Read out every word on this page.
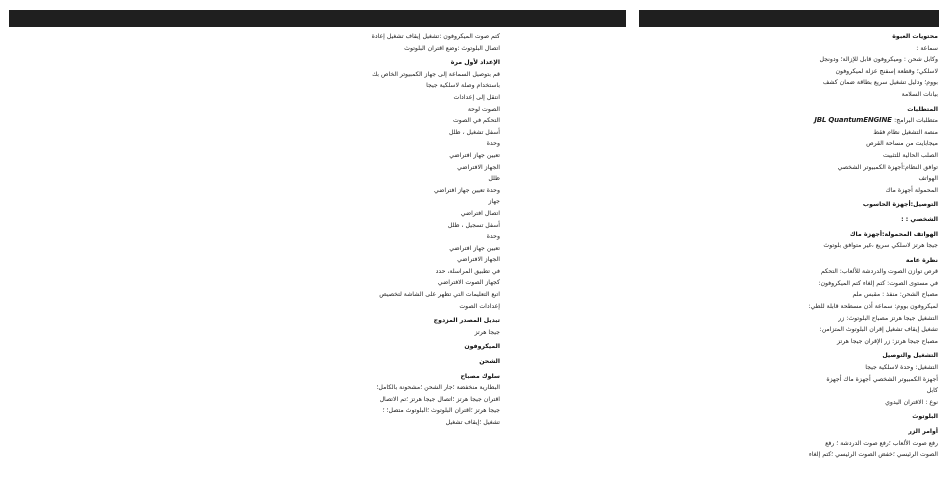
محتويات العبوة

سماعة :

وكابل شحن : وميكروفون قابل للإزالة؛ ودونجل

لاسلكي؛ وقطعة إسفنج عزلة لميكروفون

بووم؛ ودليل تشغيل سريع بطاقة ضمان كشف

بيانات السلامة

المتطلبات

متطلبات البرامج: JBL QuantumENGINE

منصة التشغيل نظام فقط

ميجابايت من مساحة القرص

الصلب الحالية للتثبيت

توافق النظام:أجهزة الكمبيوتر الشخصي

الهواتف

المحمولة أجهزة ماك

التوصيل:أجهزة الحاسوب

الشخصي : :

الهواتف المحمولة:أجهزة ماك

جيجا هرتز لاسلكي سريع ،غير متوافق بلوتوث

نظرة عامة

قرص توازن الصوت والدردشة للألعاب: التحكم

في مستوى الصوت: كتم إلغاء كتم الميكروفون:

مصباح الشحن: منفذ : مقبس ملم

لميكروفون بووم: سماعة أذن مسطحة قابلة للطي:

التشغيل جيجا هرتز مصباح البلوتوث: زر

تشغيل إيقاف تشغيل إقران البلوتوث المتزامن:

مصباح جيجا هرتز: زر الإقران جيجا هرتز

التشغيل والتوصيل

التشغيل: وحدة لاسلكية جيجا

أجهزة الكمبيوتر الشخصي أجهزة ماك أجهزة

كابل

نوع : الاقتران اليدوي

البلوتوث

أوامر الزر

رفع صوت الألعاب ؛رفع صوت الدردشة ؛ رفع

الصوت الرئيسي ؛خفض الصوت الرئيسي ؛كتم إلغاء

كتم صوت الميكروفون :تشغيل إيقاف تشغيل إعادة

اتصال البلوتوث :وضع اقتران البلوتوث

الإعداد لأول مرة

قم بتوصيل السماعة إلى جهاز الكمبيوتر الخاص بك

باستخدام وصلة لاسلكية جيجا

انتقل إلى إعدادات

الصوت لوحة

التحكم في الصوت

أسفل تشغيل ، ظلل

وحدة

تعيين جهاز افتراضي

الجهاز الافتراضي

ظلل

وحدة تعيين جهاز افتراضي

جهاز

اتصال افتراضي

أسفل تسجيل ، ظلل

وحدة

تعيين جهاز افتراضي

الجهاز الافتراضي

في تطبيق المراسلة، حدد

كجهاز الصوت الافتراضي

اتبع التعليمات التي تظهر على الشاشة لتخصيص

إعدادات الصوت

تبديل المصدر المزدوج

جيجا هرتز

الميكروفون

الشحن

سلوك مصباح

البطارية منخفضة ؛جار الشحن ؛مشحونة بالكامل؛

اقتران جيجا هرتز ؛اتصال جيجا هرتز ؛تم الاتصال

جيجا هرتز ؛اقتران البلوتوث ؛البلوتوث متصل؛ ؛

تشغيل ؛إيقاف تشغيل
